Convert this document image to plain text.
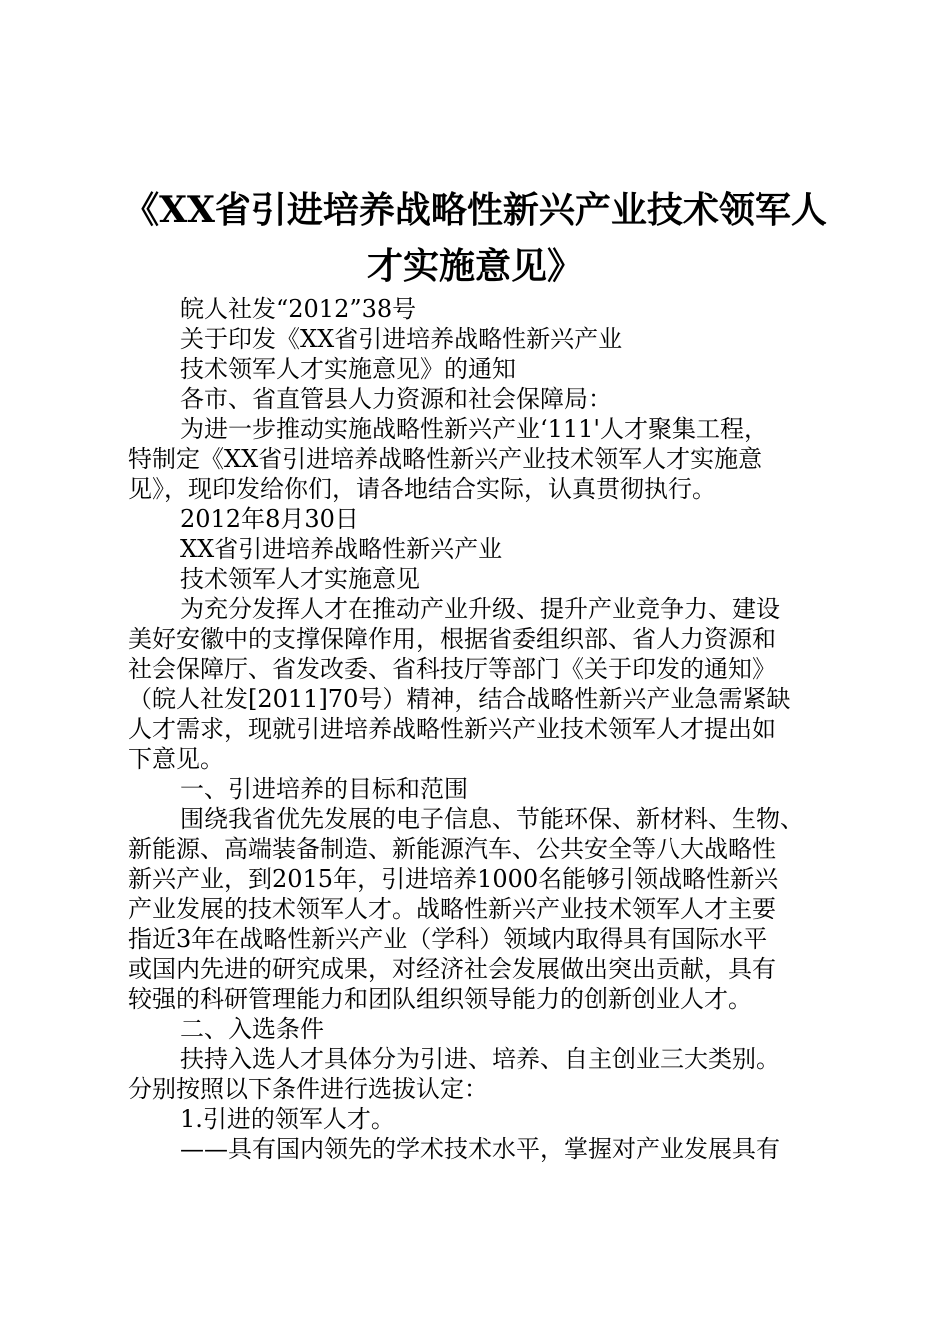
《XX省引进培养战略性新兴产业技术领军人
才实施意见》

皖人社发“2012”38号

关于印发《XX省引进培养战略性新兴产业

技术领军人才实施意见》的通知

各市、省直管县人力资源和社会保障局：

为进一步推动实施战略性新兴产业‘111'人才聚集工程，

特制定《XX省引进培养战略性新兴产业技术领军人才实施意

见》，现印发给你们，请各地结合实际，认真贯彻执行。

2012年8月30日

XX省引进培养战略性新兴产业

技术领军人才实施意见

为充分发挥人才在推动产业升级、提升产业竞争力、建设

美好安徽中的支撑保障作用，根据省委组织部、省人力资源和

社会保障厅、省发改委、省科技厅等部门《关于印发的通知》

（皖人社发[2011]70号）精神，结合战略性新兴产业急需紧缺

人才需求，现就引进培养战略性新兴产业技术领军人才提出如

下意见。

一、引进培养的目标和范围

围绕我省优先发展的电子信息、节能环保、新材料、生物、

新能源、高端装备制造、新能源汽车、公共安全等八大战略性

新兴产业，到2015年，引进培养1000名能够引领战略性新兴

产业发展的技术领军人才。战略性新兴产业技术领军人才主要

指近3年在战略性新兴产业（学科）领域内取得具有国际水平

或国内先进的研究成果，对经济社会发展做出突出贡献，具有

较强的科研管理能力和团队组织领导能力的创新创业人才。

二、入选条件

扶持入选人才具体分为引进、培养、自主创业三大类别。

分别按照以下条件进行选拔认定：

1.引进的领军人才。

——具有国内领先的学术技术水平，掌握对产业发展具有
